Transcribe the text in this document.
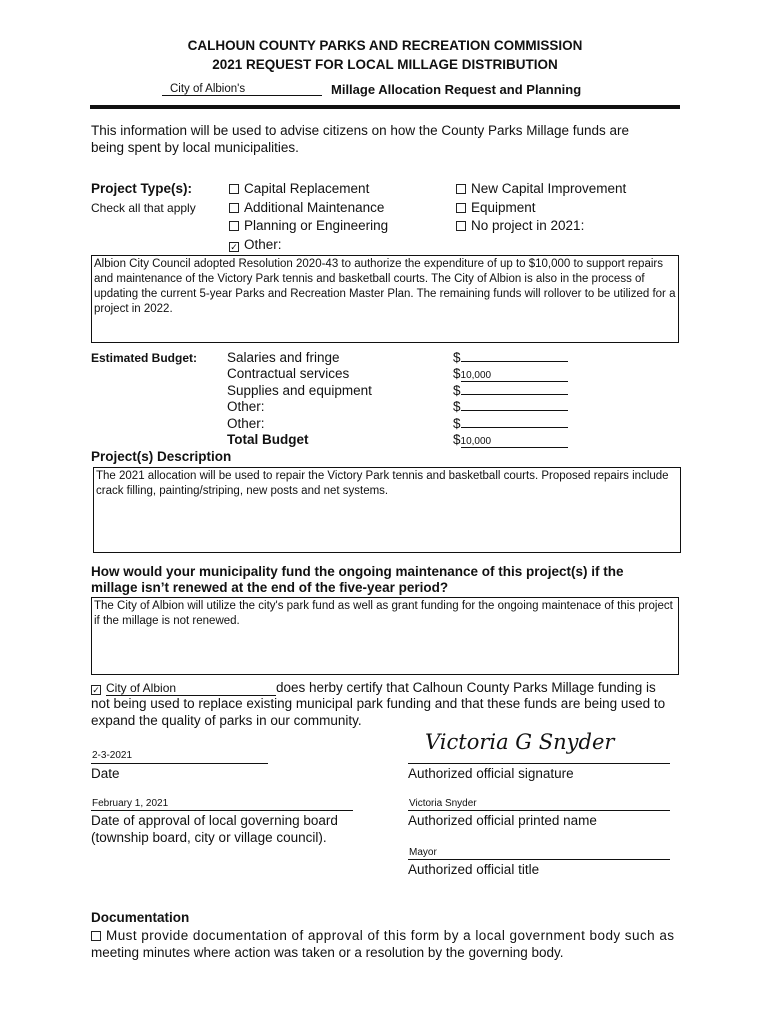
CALHOUN COUNTY PARKS AND RECREATION COMMISSION
2021 REQUEST FOR LOCAL MILLAGE DISTRIBUTION
City of Albion's	Millage Allocation Request and Planning
This information will be used to advise citizens on how the County Parks Millage funds are
being spent by local municipalities.
Project Type(s):
Check all that apply
Capital Replacement
Additional Maintenance
Planning or Engineering
✓ Other:
New Capital Improvement
Equipment
No project in 2021:
Albion City Council adopted Resolution 2020-43 to authorize the expenditure of up to $10,000 to support repairs and maintenance of the Victory Park tennis and basketball courts. The City of Albion is also in the process of updating the current 5-year Parks and Recreation Master Plan. The remaining funds will rollover to be utilized for a project in 2022.
Estimated Budget: Salaries and fringe
Contractual services
Supplies and equipment
Other:
Other:
Total Budget
$
$10,000
$
$
$
$10,000
Project(s) Description
The 2021 allocation will be used to repair the Victory Park tennis and basketball courts. Proposed repairs include crack filling, painting/striping, new posts and net systems.
How would your municipality fund the ongoing maintenance of this project(s) if the
millage isn’t renewed at the end of the five-year period?
The City of Albion will utilize the city's park fund as well as grant funding for the ongoing maintenace of this project if the millage is not renewed.
✓ City of Albion	does herby certify that Calhoun County Parks Millage funding is
not being used to replace existing municipal park funding and that these funds are being used to
expand the quality of parks in our community.
2-3-2021
Date
Victoria G Snyder
Authorized official signature
February 1, 2021
Date of approval of local governing board
(township board, city or village council).
Victoria Snyder
Authorized official printed name
Mayor
Authorized official title
Documentation
Must provide documentation of approval of this form by a local government body such as
meeting minutes where action was taken or a resolution by the governing body.
